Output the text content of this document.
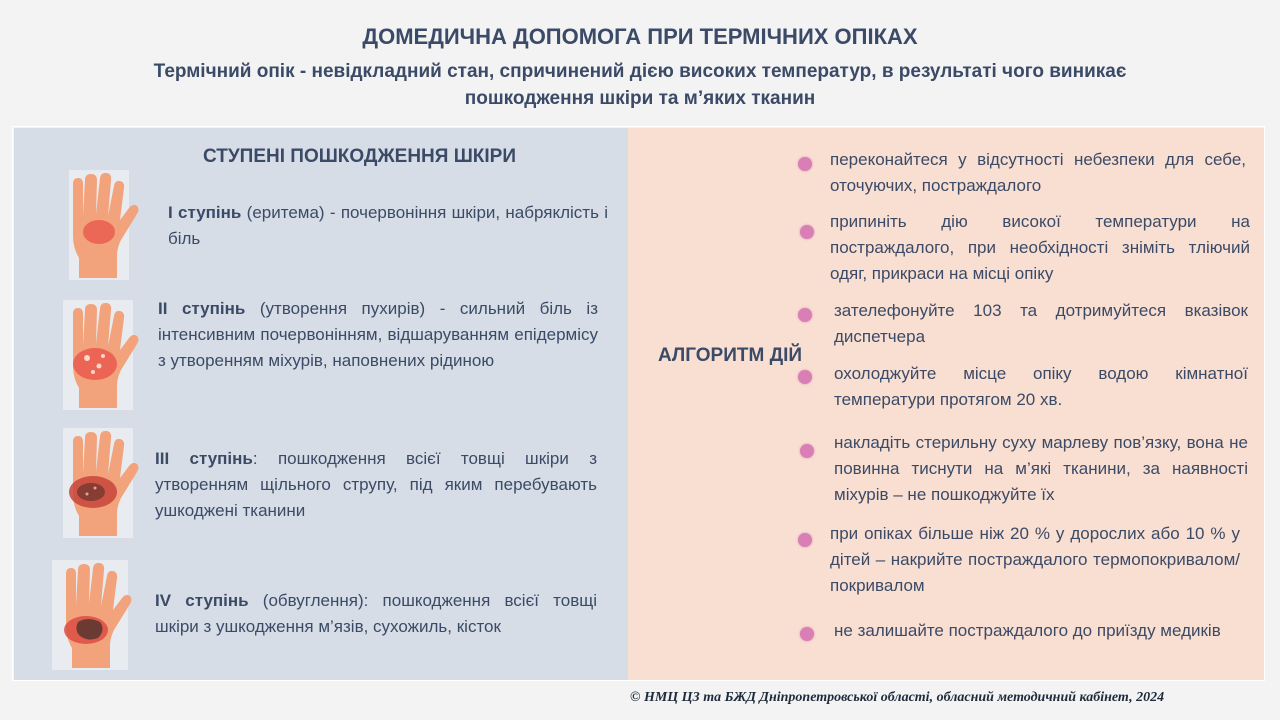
ДОМЕДИЧНА ДОПОМОГА ПРИ ТЕРМІЧНИХ ОПІКАХ
Термічний опік - невідкладний стан, спричинений дією високих температур, в результаті чого виникає
пошкодження шкіри та м’яких тканин
СТУПЕНІ ПОШКОДЖЕННЯ ШКІРИ
I ступінь (еритема) - почервоніння шкіри, набряклість і біль
II ступінь (утворення пухирів) - сильний біль із інтенсивним почервонінням, відшаруванням епідермісу з утворенням міхурів, наповнених рідиною
III ступінь: пошкодження всієї товщі шкіри з утворенням щільного струпу, під яким перебувають ушкоджені тканини
IV ступінь (обвуглення): пошкодження всієї товщі шкіри з ушкодження м’язів, сухожиль, кісток
АЛГОРИТМ ДІЙ
переконайтеся у відсутності небезпеки для себе, оточуючих, постраждалого
припиніть дію високої температури на постраждалого, при необхідності зніміть тліючий одяг, прикраси на місці опіку
зателефонуйте 103 та дотримуйтеся вказівок диспетчера
охолоджуйте місце опіку водою кімнатної температури протягом 20 хв.
накладіть стерильну суху марлеву пов’язку, вона не повинна тиснути на м’які тканини, за наявності міхурів – не пошкоджуйте їх
при опіках більше ніж 20 % у дорослих або 10 % у дітей – накрийте постраждалого термопокривалом/покривалом
не залишайте постраждалого до приїзду медиків
© НМЦ ЦЗ та БЖД Дніпропетровської області, обласний методичний кабінет, 2024
